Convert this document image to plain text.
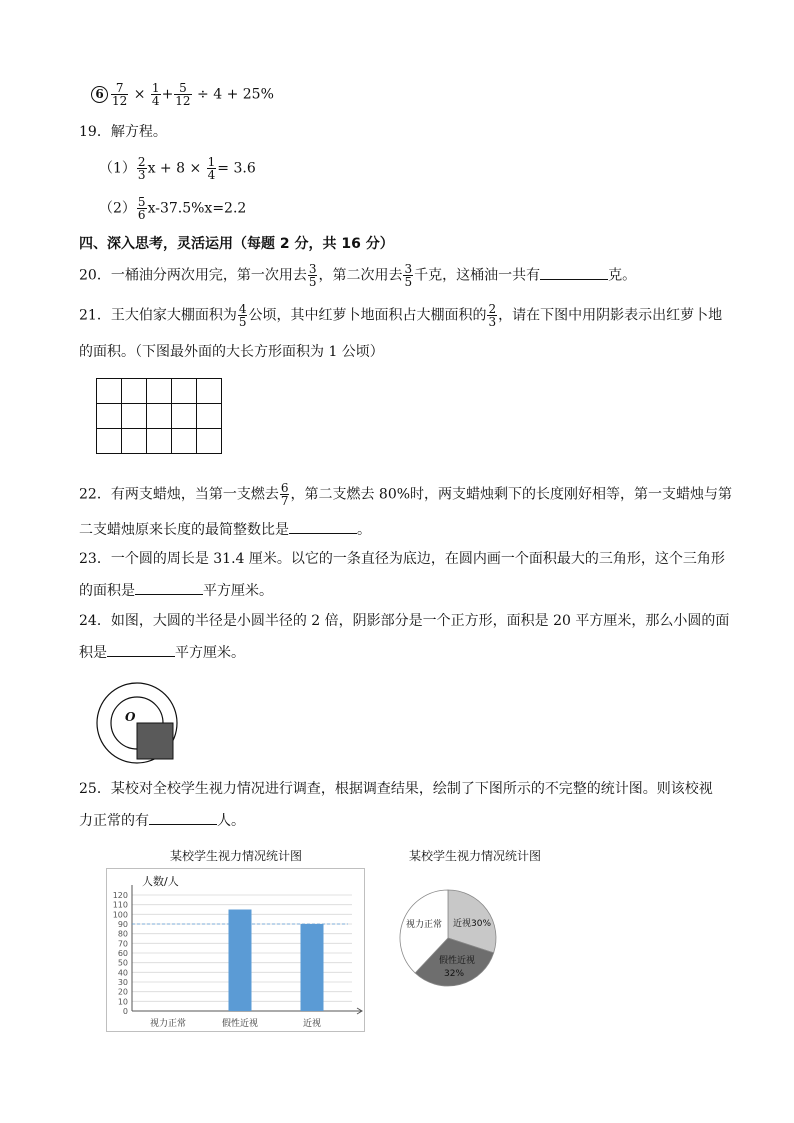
$6 \frac{7}{12} \times \frac{1}{4} + \frac{5}{12} \div 4 + 25\%$
19．解方程。
$(1) \frac{2}{3}$ $x + 8 \times \frac{1}{4} = 3.6$
$(2) \frac{5}{6} x-37.5\%x=2.2$
四、深入思考，灵活运用（每题 2 分，共 16 分）
20．一桶油分两次用完，第一次用去 $\frac{3}{5}$ ，第二次用去 $\frac{3}{5}$ 千克，这桶油一共有	克。
21．王大伯家大棚面积为 $\frac{4}{5}$ 公顷，其中红萝卜地面积占大棚面积的 $\frac{2}{3}$ ，请在下图中用阴影表示出红萝卜地
的面积。（下图最外面的大长方形面积为 1 公顷）
22．有两支蜡烛，当第一支燃去 $\frac{6}{7}$ ，第二支燃去 80%时，两支蜡烛剩下的长度刚好相等，第一支蜡烛与第
二支蜡烛原来长度的最简整数比是	。
23．一个圆的周长是 31.4 厘米。以它的一条直径为底边，在圆内画一个面积最大的三角形，这个三角形
的面积是	平方厘米。
24．如图，大圆的半径是小圆半径的 2 倍，阴影部分是一个正方形，面积是 20 平方厘米，那么小圆的面
积是	平方厘米。
O
25．某校对全校学生视力情况进行调查，根据调查结果，绘制了下图所示的不完整的统计图。则该校视
力正常的有	人。
某校学生视力情况统计图
人数/人
0
10
20
30
40
50
60
70
80
90
100
110
120
视力正常	假性近视	近视
某校学生视力情况统计图
视力正常 近视30%
假性近视
32%
